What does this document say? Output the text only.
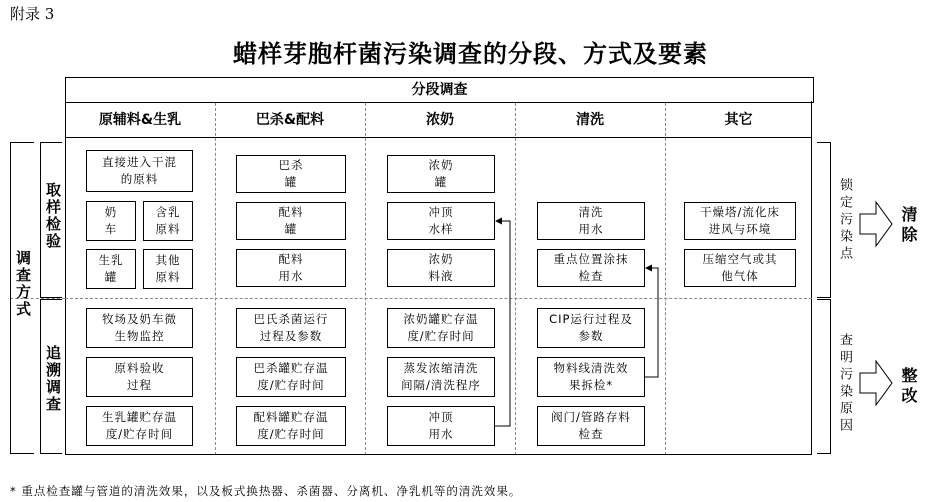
附录 3
蜡样芽胞杆菌污染调查的分段、方式及要素
分段调查
原辅料&生乳	巴杀&配料	浓奶	清洗	其它
调查方式
取样检验
追溯调查
直接进入干混
的原料
奶
车
含乳
原料
生乳
罐
其他
原料
巴杀
罐
配料
罐
配料
用水
浓奶
罐
冲顶
水样
浓奶
料液
清洗
用水
重点位置涂抹
检查
干燥塔/流化床
进风与环境
压缩空气或其
他气体
牧场及奶车微
生物监控
原料验收
过程
生乳罐贮存温
度/贮存时间
巴氏杀菌运行
过程及参数
巴杀罐贮存温
度/贮存时间
配料罐贮存温
度/贮存时间
浓奶罐贮存温
度/贮存时间
蒸发浓缩清洗
间隔/清洗程序
冲顶
用水
CIP运行过程及
参数
物料线清洗效
果拆检*
阀门/管路存料
检查
锁定污染点	清除
查明污染原因	整改
* 重点检查罐与管道的清洗效果，以及板式换热器、杀菌器、分离机、净乳机等的清洗效果。
